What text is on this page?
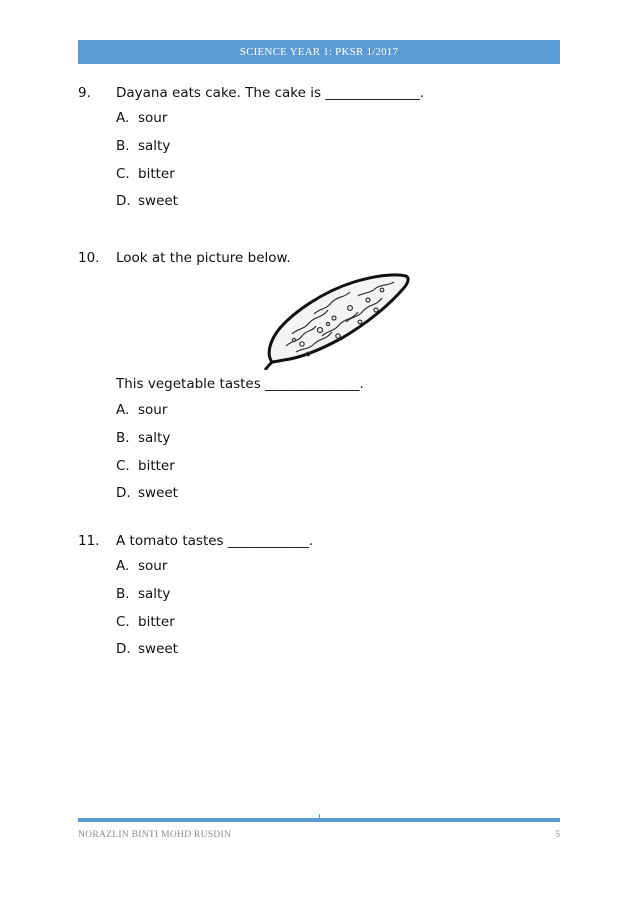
SCIENCE YEAR 1: PKSR 1/2017
9. Dayana eats cake. The cake is ______________.
A. sour
B. salty
C. bitter
D. sweet
10. Look at the picture below.
This vegetable tastes ______________.
A. sour
B. salty
C. bitter
D. sweet
11. A tomato tastes ____________.
A. sour
B. salty
C. bitter
D. sweet
NORAZLIN BINTI MOHD RUSDIN	5
